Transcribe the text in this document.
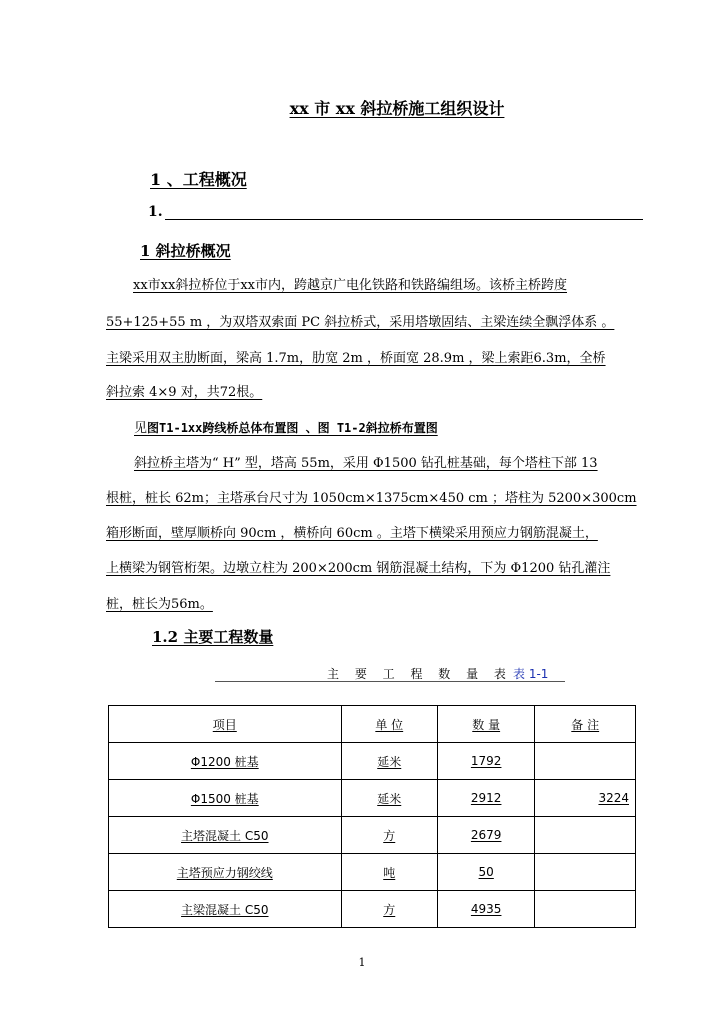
xx 市 xx 斜拉桥施工组织设计
1 、工程概况
1.
1 斜拉桥概况
xx市xx斜拉桥位于xx市内，跨越京广电化铁路和铁路编组场。该桥主桥跨度
55+125+55 m ，为双塔双索面 PC 斜拉桥式，采用塔墩固结、主梁连续全飘浮体系 。
主梁采用双主肋断面，梁高 1.7m，肋宽 2m ，桥面宽 28.9m ，梁上索距6.3m，全桥
斜拉索 4×9 对，共72根。
见图T1-1xx跨线桥总体布置图 、图 T1-2斜拉桥布置图
斜拉桥主塔为“ H” 型，塔高 55m，采用 Φ1500 钻孔桩基础，每个塔柱下部 13
根桩，桩长 62m；主塔承台尺寸为 1050cm×1375cm×450 cm ；塔柱为 5200×300cm
箱形断面，壁厚顺桥向 90cm ，横桥向 60cm 。主塔下横梁采用预应力钢筋混凝土，
上横梁为钢管桁架。边墩立柱为 200×200cm 钢筋混凝土结构，下为 Φ1200 钻孔灌注
桩，桩长为56m。
1.2 主要工程数量
主 要 工 程 数 量 表 表 1-1
项目	单 位	数 量	备 注
Φ1200 桩基	延米	1792	
Φ1500 桩基	延米	2912	3224
主塔混凝土 C50	方	2679	
主塔预应力钢绞线	吨	50	
主梁混凝土 C50	方	4935	
1
